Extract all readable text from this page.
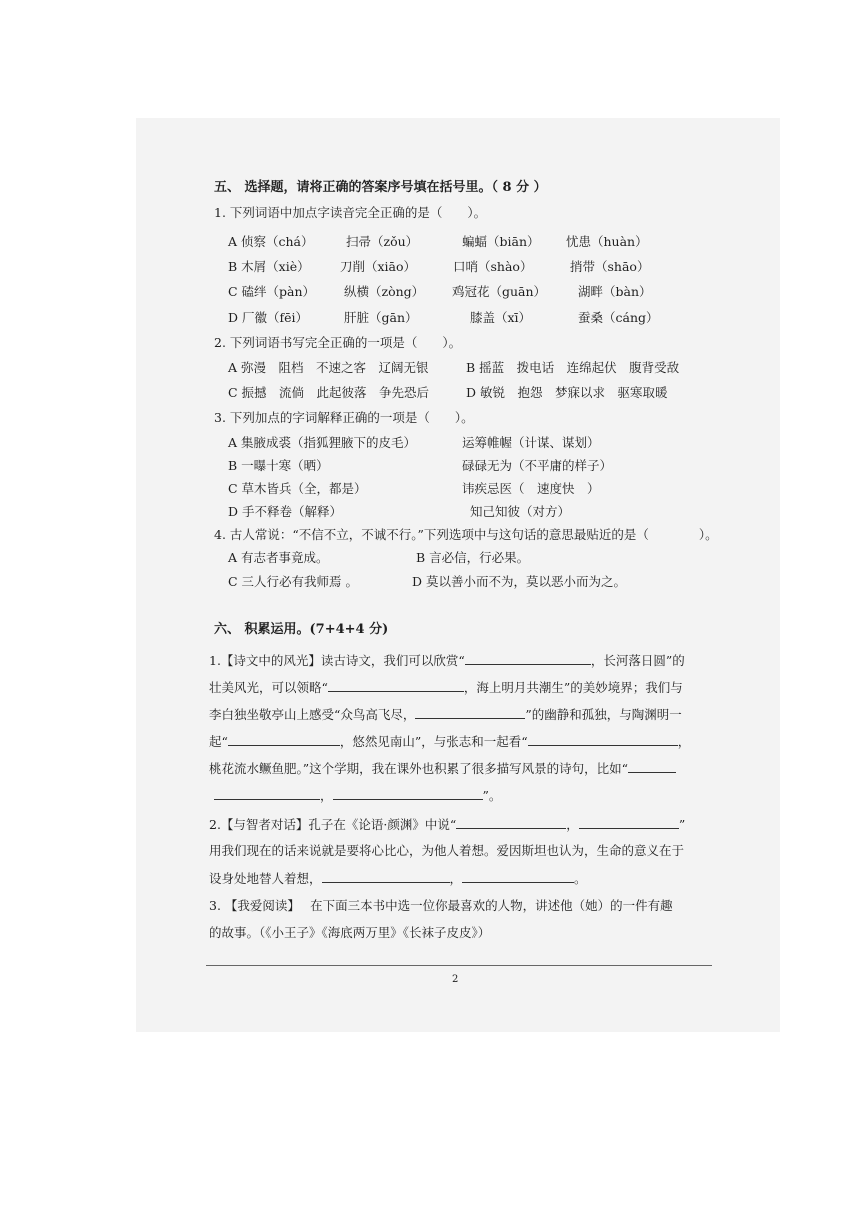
五、 选择题，请将正确的答案序号填在括号里。（ 8 分 ）
1. 下列词语中加点字读音完全正确的是（　　）。
A 侦察（chá）	扫帚（zǒu）	蝙蝠（biān） 忧患（huàn）
B 木屑（xiè） 刀削（xiāo）	口哨（shào）	捎带（shāo）
C 磕绊（pàn） 纵横（zòng） 鸡冠花（guān）	湖畔（bàn）
D 厂徽（fēi）	肝脏（gān）	膝盖（xī）	蚕桑（cáng）
2. 下列词语书写完全正确的一项是（　　）。
A 弥漫　阻档　不速之客　辽阔无银	B 摇蓝　拨电话　连绵起伏　腹背受敌
C 振撼　流倘　此起彼落　争先恐后	D 敏锐　抱怨　梦寐以求　驱寒取暖
3. 下列加点的字词解释正确的一项是（　　）。
A 集腋成裘（指狐狸腋下的皮毛）	运筹帷幄（计谋、谋划）
B 一曝十寒（晒）	碌碌无为（不平庸的样子）
C 草木皆兵（全，都是）	讳疾忌医（　速度快　）
D 手不释卷（解释）	知己知彼（对方）
4. 古人常说：“不信不立，不诚不行。”下列选项中与这句话的意思最贴近的是（　　　　）。
A 有志者事竟成。	B 言必信，行必果。
C 三人行必有我师焉 。	D 莫以善小而不为，莫以恶小而为之。
六、 积累运用。(7+4+4 分)
1.【诗文中的风光】读古诗文，我们可以欣赏“	，长河落日圆”的
壮美风光，可以领略“	，海上明月共潮生”的美妙境界；我们与
李白独坐敬亭山上感受“众鸟高飞尽，	”的幽静和孤独，与陶渊明一
起“	，悠然见南山”，与张志和一起看“	，
桃花流水鳜鱼肥。”这个学期，我在课外也积累了很多描写风景的诗句，比如“
，	”。
2.【与智者对话】孔子在《论语·颜渊》中说“	，	”
用我们现在的话来说就是要将心比心，为他人着想。爱因斯坦也认为，生命的意义在于
设身处地替人着想，	，	。
3. 【我爱阅读】　 在下面三本书中选一位你最喜欢的人物，讲述他（她）的一件有趣
的故事。（《小王子》《海底两万里》《长袜子皮皮》）
2
